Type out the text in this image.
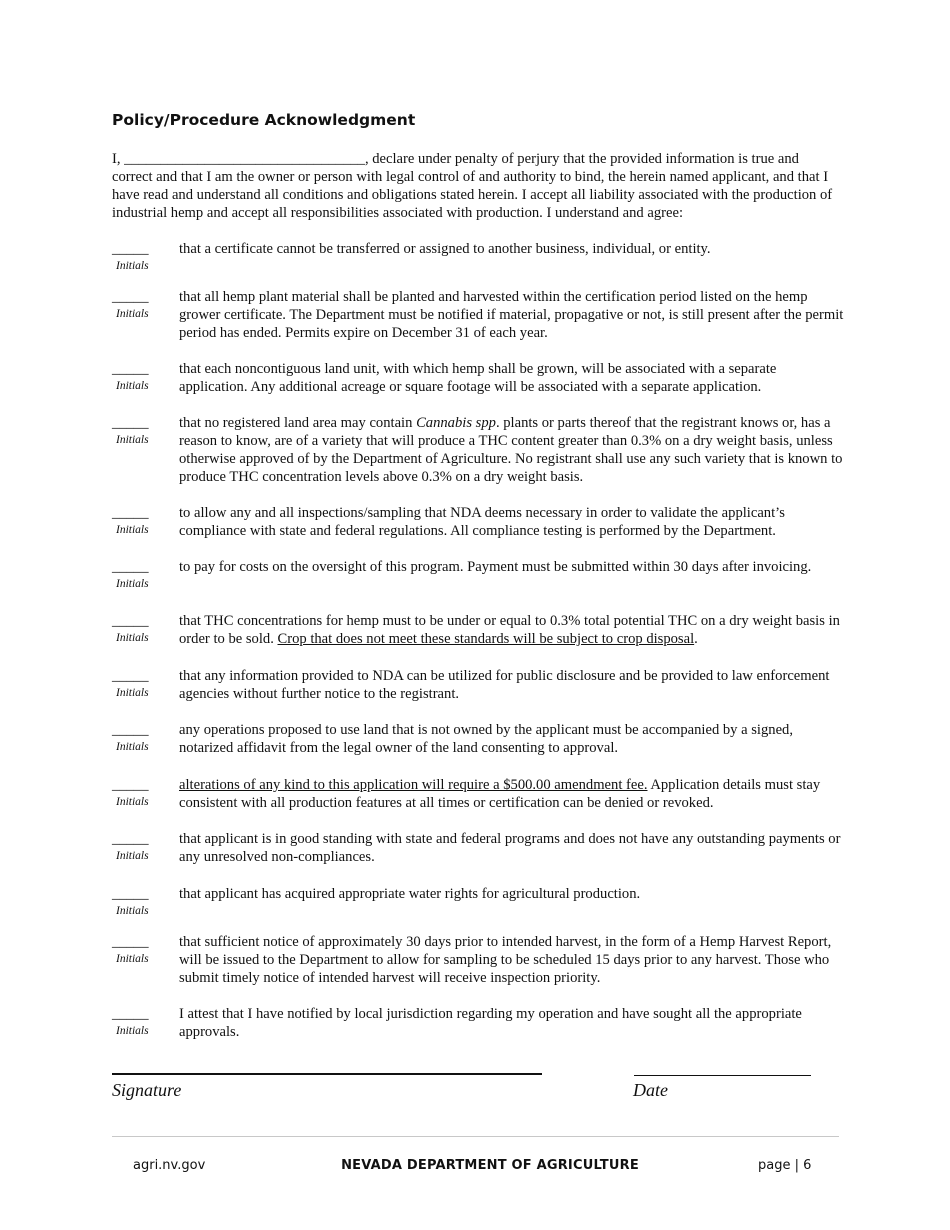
Policy/Procedure Acknowledgment
I, _________________________________, declare under penalty of perjury that the provided information is true and correct and that I am the owner or person with legal control of and authority to bind, the herein named applicant, and that I have read and understand all conditions and obligations stated herein. I accept all liability associated with the production of industrial hemp and accept all responsibilities associated with production. I understand and agree:
_____
Initials
that a certificate cannot be transferred or assigned to another business, individual, or entity.
_____
Initials
that all hemp plant material shall be planted and harvested within the certification period listed on the hemp grower certificate. The Department must be notified if material, propagative or not, is still present after the permit period has ended. Permits expire on December 31 of each year.
_____
Initials
that each noncontiguous land unit, with which hemp shall be grown, will be associated with a separate application. Any additional acreage or square footage will be associated with a separate application.
_____
Initials
that no registered land area may contain Cannabis spp. plants or parts thereof that the registrant knows or, has a reason to know, are of a variety that will produce a THC content greater than 0.3% on a dry weight basis, unless otherwise approved of by the Department of Agriculture. No registrant shall use any such variety that is known to produce THC concentration levels above 0.3% on a dry weight basis.
_____
Initials
to allow any and all inspections/sampling that NDA deems necessary in order to validate the applicant’s compliance with state and federal regulations. All compliance testing is performed by the Department.
_____
Initials
to pay for costs on the oversight of this program. Payment must be submitted within 30 days after invoicing.
_____
Initials
that THC concentrations for hemp must to be under or equal to 0.3% total potential THC on a dry weight basis in order to be sold. Crop that does not meet these standards will be subject to crop disposal.
_____
Initials
that any information provided to NDA can be utilized for public disclosure and be provided to law enforcement agencies without further notice to the registrant.
_____
Initials
any operations proposed to use land that is not owned by the applicant must be accompanied by a signed, notarized affidavit from the legal owner of the land consenting to approval.
_____
Initials
alterations of any kind to this application will require a $500.00 amendment fee. Application details must stay consistent with all production features at all times or certification can be denied or revoked.
_____
Initials
that applicant is in good standing with state and federal programs and does not have any outstanding payments or any unresolved non-compliances.
_____
Initials
that applicant has acquired appropriate water rights for agricultural production.
_____
Initials
that sufficient notice of approximately 30 days prior to intended harvest, in the form of a Hemp Harvest Report, will be issued to the Department to allow for sampling to be scheduled 15 days prior to any harvest. Those who submit timely notice of intended harvest will receive inspection priority.
_____
Initials
I attest that I have notified by local jurisdiction regarding my operation and have sought all the appropriate approvals.
Signature	Date
agri.nv.gov	NEVADA DEPARTMENT OF AGRICULTURE	page | 6
